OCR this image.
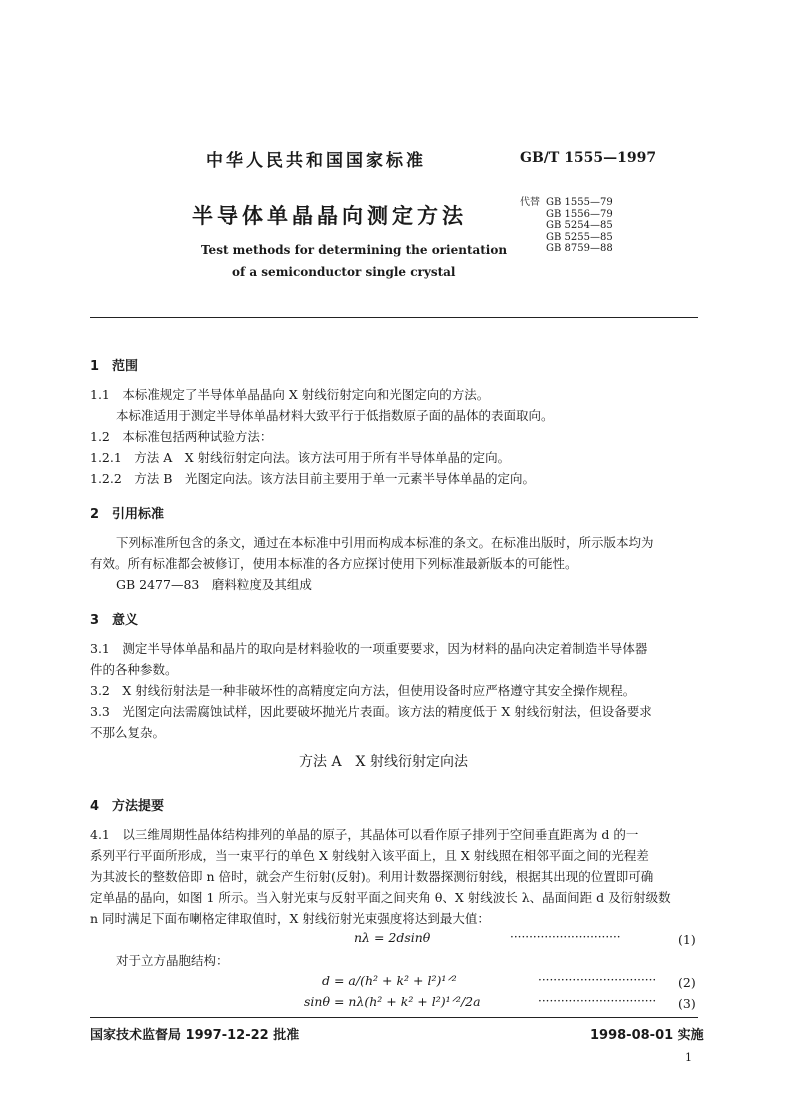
中华人民共和国国家标准	GB/T 1555—1997
半导体单晶晶向测定方法
Test methods for determining the orientation
of a semiconductor single crystal
代替 GB 1555—79
GB 1556—79
GB 5254—85
GB 5255—85
GB 8759—88
1　范围
1.1　本标准规定了半导体单晶晶向 X 射线衍射定向和光图定向的方法。
本标准适用于测定半导体单晶材料大致平行于低指数原子面的晶体的表面取向。
1.2　本标准包括两种试验方法：
1.2.1　方法 A　X 射线衍射定向法。该方法可用于所有半导体单晶的定向。
1.2.2　方法 B　光图定向法。该方法目前主要用于单一元素半导体单晶的定向。
2　引用标准
下列标准所包含的条文，通过在本标准中引用而构成本标准的条文。在标准出版时，所示版本均为
有效。所有标准都会被修订，使用本标准的各方应探讨使用下列标准最新版本的可能性。
GB 2477—83　磨料粒度及其组成
3　意义
3.1　测定半导体单晶和晶片的取向是材料验收的一项重要要求，因为材料的晶向决定着制造半导体器
件的各种参数。
3.2　X 射线衍射法是一种非破坏性的高精度定向方法，但使用设备时应严格遵守其安全操作规程。
3.3　光图定向法需腐蚀试样，因此要破坏抛光片表面。该方法的精度低于 X 射线衍射法，但设备要求
不那么复杂。
方法 A　X 射线衍射定向法
4　方法提要
4.1　以三维周期性晶体结构排列的单晶的原子，其晶体可以看作原子排列于空间垂直距离为 d 的一
系列平行平面所形成，当一束平行的单色 X 射线射入该平面上，且 X 射线照在相邻平面之间的光程差
为其波长的整数倍即 n 倍时，就会产生衍射(反射)。利用计数器探测衍射线，根据其出现的位置即可确
定单晶的晶向，如图 1 所示。当入射光束与反射平面之间夹角 θ、X 射线波长 λ、晶面间距 d 及衍射级数
n 同时满足下面布喇格定律取值时，X 射线衍射光束强度将达到最大值：
nλ = 2dsinθ	·····························	(1)
对于立方晶胞结构：
d = a/(h² + k² + l²)¹ᐟ²	······························· (2)
sinθ = nλ(h² + k² + l²)¹ᐟ²/2a	······························· (3)
国家技术监督局 1997-12-22 批准	1998-08-01 实施
1
